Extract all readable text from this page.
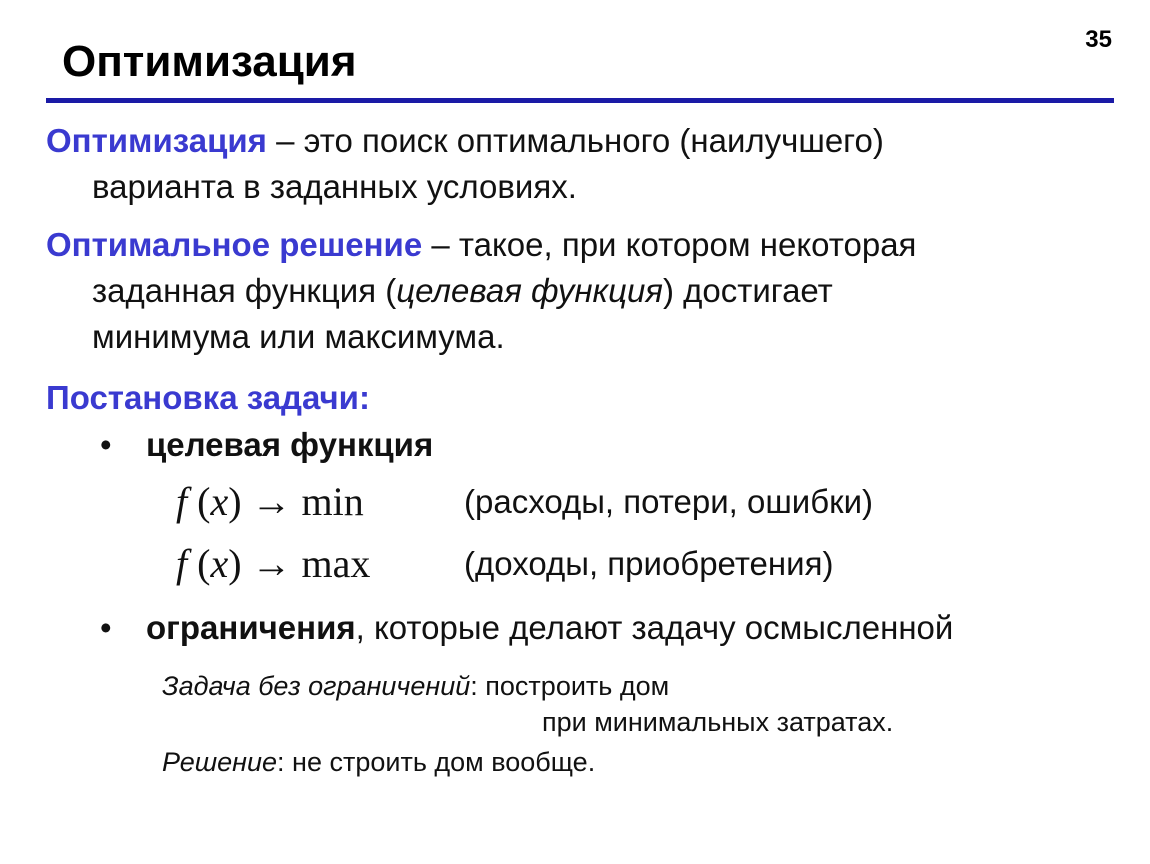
Оптимизация	35

Оптимизация – это поиск оптимального (наилучшего)
варианта в заданных условиях.

Оптимальное решение – такое, при котором некоторая
заданная функция (целевая функция) достигает
минимума или максимума.

Постановка задачи:
• целевая функция
f (x) → min	(расходы, потери, ошибки)
f (x) → max	(доходы, приобретения)
• ограничения, которые делают задачу осмысленной
Задача без ограничений: построить дом
при минимальных затратах.
Решение: не строить дом вообще.
